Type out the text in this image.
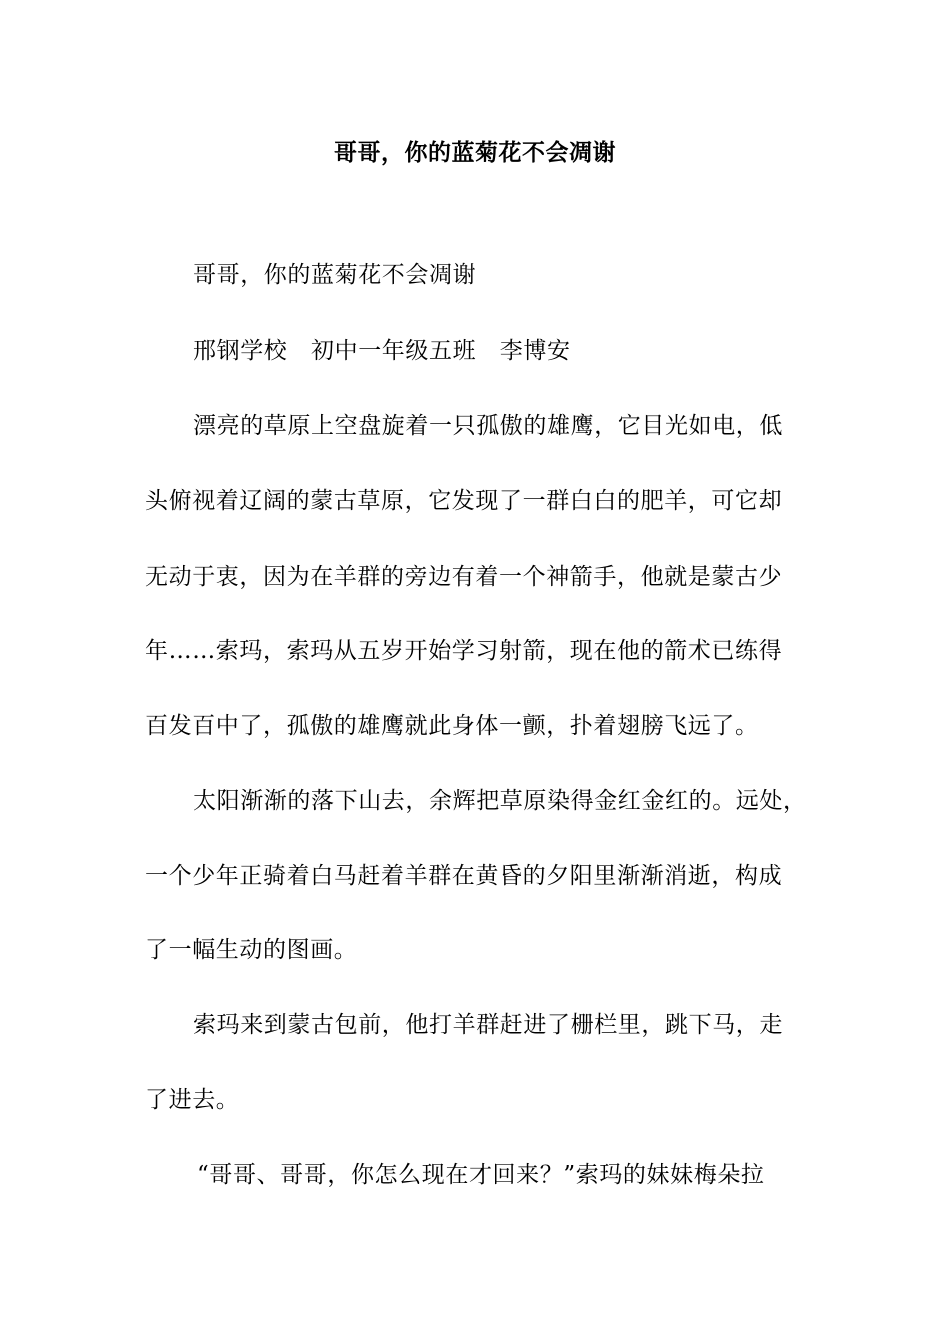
哥哥，你的蓝菊花不会凋谢
哥哥，你的蓝菊花不会凋谢
邢钢学校　初中一年级五班　李博安
漂亮的草原上空盘旋着一只孤傲的雄鹰，它目光如电，低
头俯视着辽阔的蒙古草原，它发现了一群白白的肥羊，可它却
无动于衷，因为在羊群的旁边有着一个神箭手，他就是蒙古少
年……索玛，索玛从五岁开始学习射箭，现在他的箭术已练得
百发百中了，孤傲的雄鹰就此身体一颤，扑着翅膀飞远了。
太阳渐渐的落下山去，余辉把草原染得金红金红的。远处，
一个少年正骑着白马赶着羊群在黄昏的夕阳里渐渐消逝，构成
了一幅生动的图画。
索玛来到蒙古包前，他打羊群赶进了栅栏里，跳下马，走
了进去。
“哥哥、哥哥，你怎么现在才回来？”索玛的妹妹梅朵拉
